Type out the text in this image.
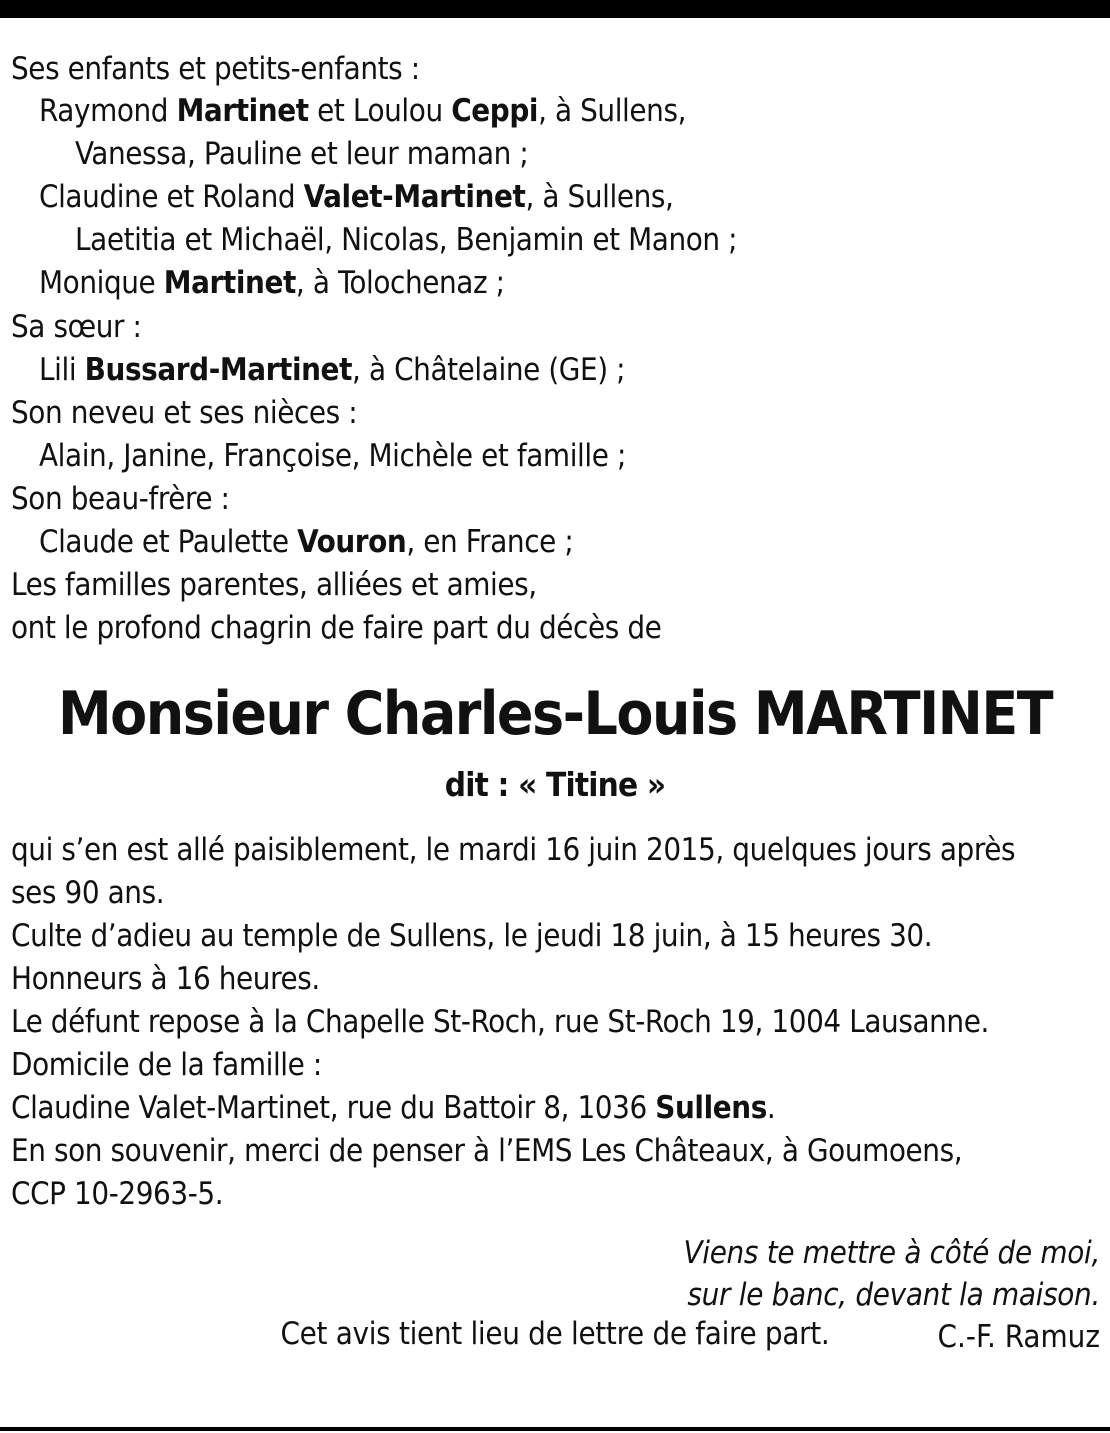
Ses enfants et petits-enfants :
Raymond Martinet et Loulou Ceppi, à Sullens,
Vanessa, Pauline et leur maman ;
Claudine et Roland Valet-Martinet, à Sullens,
Laetitia et Michaël, Nicolas, Benjamin et Manon ;
Monique Martinet, à Tolochenaz ;
Sa sœur :
Lili Bussard-Martinet, à Châtelaine (GE) ;
Son neveu et ses nièces :
Alain, Janine, Françoise, Michèle et famille ;
Son beau-frère :
Claude et Paulette Vouron, en France ;
Les familles parentes, alliées et amies,
ont le profond chagrin de faire part du décès de
Monsieur Charles-Louis MARTINET
dit : « Titine »
qui s’en est allé paisiblement, le mardi 16 juin 2015, quelques jours après
ses 90 ans.
Culte d’adieu au temple de Sullens, le jeudi 18 juin, à 15 heures 30.
Honneurs à 16 heures.
Le défunt repose à la Chapelle St-Roch, rue St-Roch 19, 1004 Lausanne.
Domicile de la famille :
Claudine Valet-Martinet, rue du Battoir 8, 1036 Sullens.
En son souvenir, merci de penser à l’EMS Les Châteaux, à Goumoens,
CCP 10-2963-5.
Viens te mettre à côté de moi,
sur le banc, devant la maison.
C.-F. Ramuz
Cet avis tient lieu de lettre de faire part.
